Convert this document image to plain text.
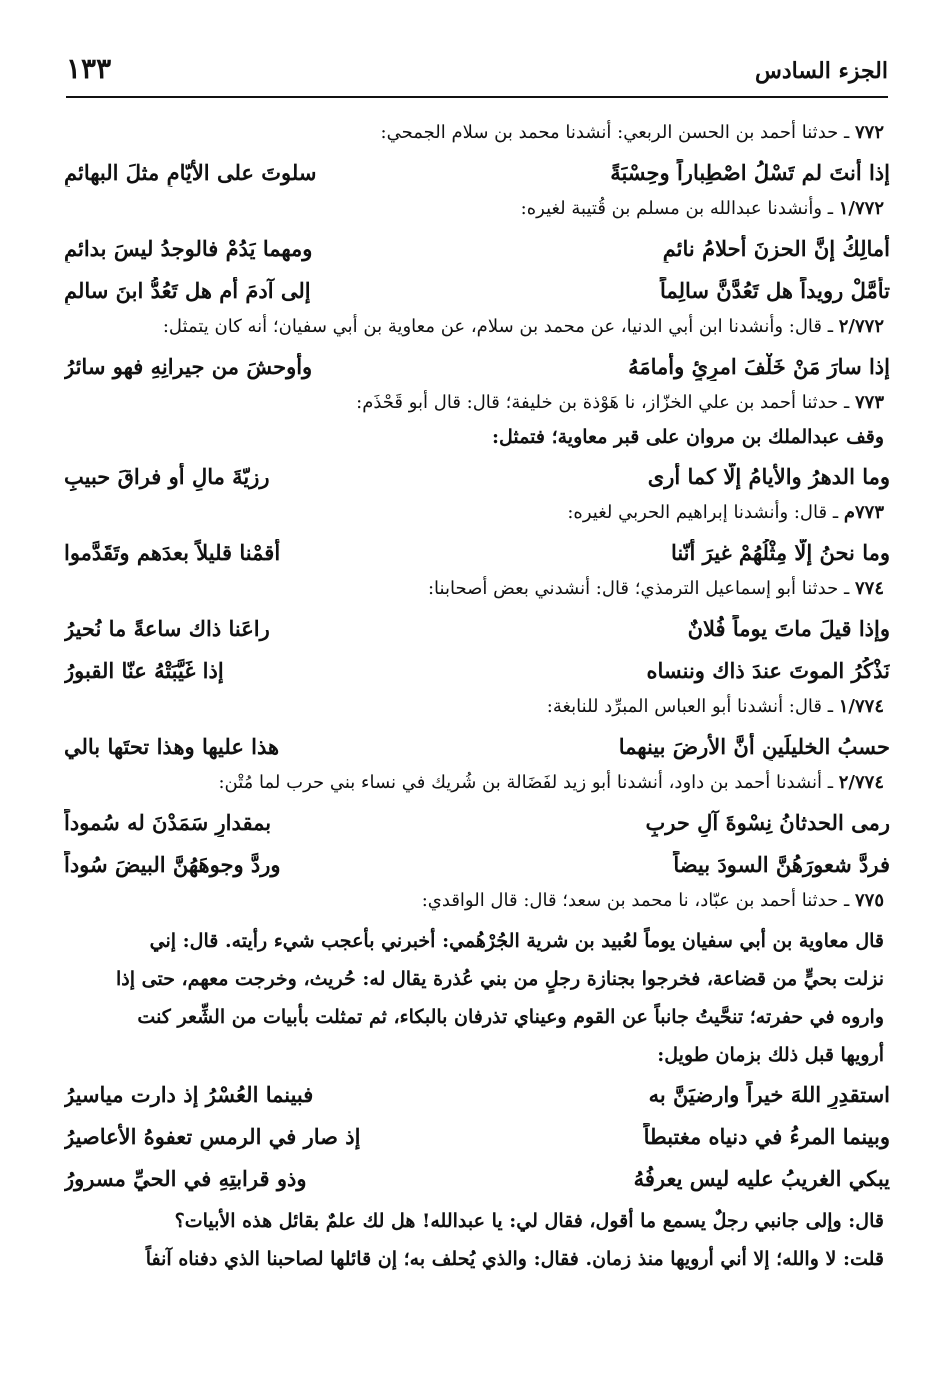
الجزء السادس
١٣٣

٧٧٢ ـ حدثنا أحمد بن الحسن الربعي: أنشدنا محمد بن سلام الجمحي:

إذا أنتَ لم تَسْلُ اصْطِباراً وحِسْبَةً
سلوتَ على الأيّامِ مثلَ البهائمِ

١/٧٧٢ ـ وأنشدنا عبدالله بن مسلم بن قُتيبة لغيره:

أمالِكُ إنَّ الحزنَ أحلامُ نائمٍ
ومهما يَدُمْ فالوجدُ ليسَ بدائمِ
تأمَّلْ رويداً هل تَعُدَّنَّ سالِماً
إلى آدمَ أم هل تَعُدُّ ابنَ سالمِ

٢/٧٧٢ ـ قال: وأنشدنا ابن أبي الدنيا، عن محمد بن سلام، عن معاوية بن أبي سفيان؛ أنه كان يتمثل:

إذا سارَ مَنْ خَلْفَ امرِئٍ وأمامَهُ
وأوحشَ من جيرانِهِ فهو سائرُ

٧٧٣ ـ حدثنا أحمد بن علي الخزّاز، نا هَوْذة بن خليفة؛ قال: قال أبو قَحْذَم:

وقف عبدالملك بن مروان على قبر معاوية؛ فتمثل:

وما الدهرُ والأيامُ إلّا كما أرى
رزيّةَ مالٍ أو فراقَ حبيبِ

٧٧٣م ـ قال: وأنشدنا إبراهيم الحربي لغيره:

وما نحنُ إلّا مِثْلُهُمْ غيرَ أنّنا
أقمْنا قليلاً بعدَهم وتَقَدَّموا

٧٧٤ ـ حدثنا أبو إسماعيل الترمذي؛ قال: أنشدني بعض أصحابنا:

وإذا قيلَ ماتَ يوماً فُلانٌ
راعَنا ذاك ساعةً ما نُحيرُ
نَذْكُرُ الموتَ عندَ ذاك وننساه
إذا غَيَّبَتْهُ عنّا القبورُ

١/٧٧٤ ـ قال: أنشدنا أبو العباس المبرِّد للنابغة:

حسبُ الخليلَينِ أنَّ الأرضَ بينهما
هذا عليها وهذا تحتَها بالي

٢/٧٧٤ ـ أنشدنا أحمد بن داود، أنشدنا أبو زيد لفَضَالة بن شُريك في نساء بني حرب لما مُتْن:

رمى الحدثانُ نِسْوةَ آلِ حربٍ
بمقدارٍ سَمَدْنَ له سُموداً
فردَّ شعورَهُنَّ السودَ بيضاً
وردَّ وجوهَهُنَّ البيضَ سُوداً

٧٧٥ ـ حدثنا أحمد بن عبّاد، نا محمد بن سعد؛ قال: قال الواقدي:

قال معاوية بن أبي سفيان يوماً لعُبيد بن شرية الجُرْهُمي: أخبرني بأعجب شيء رأيته. قال: إني
نزلت بحيٍّ من قضاعة، فخرجوا بجنازة رجلٍ من بني عُذرة يقال له: حُريث، وخرجت معهم، حتى إذا
واروه في حفرته؛ تنحَّيتُ جانباً عن القوم وعيناي تذرفان بالبكاء، ثم تمثلت بأبيات من الشِّعر كنت
أرويها قبل ذلك بزمان طويل:
استقدِرِ اللهَ خيراً وارضيَنَّ به
فبينما العُسْرُ إذ دارت مياسيرُ
وبينما المرءُ في دنياه مغتبطاً
إذ صار في الرمسِ تعفوهُ الأعاصيرُ
يبكي الغريبُ عليه ليس يعرفُهُ
وذو قرابتِهِ في الحيِّ مسرورُ
قال: وإلى جانبي رجلٌ يسمع ما أقول، فقال لي: يا عبدالله! هل لك علمٌ بقائل هذه الأبيات؟
قلت: لا والله؛ إلا أني أرويها منذ زمان. فقال: والذي يُحلف به؛ إن قائلها لصاحبنا الذي دفناه آنفاً
